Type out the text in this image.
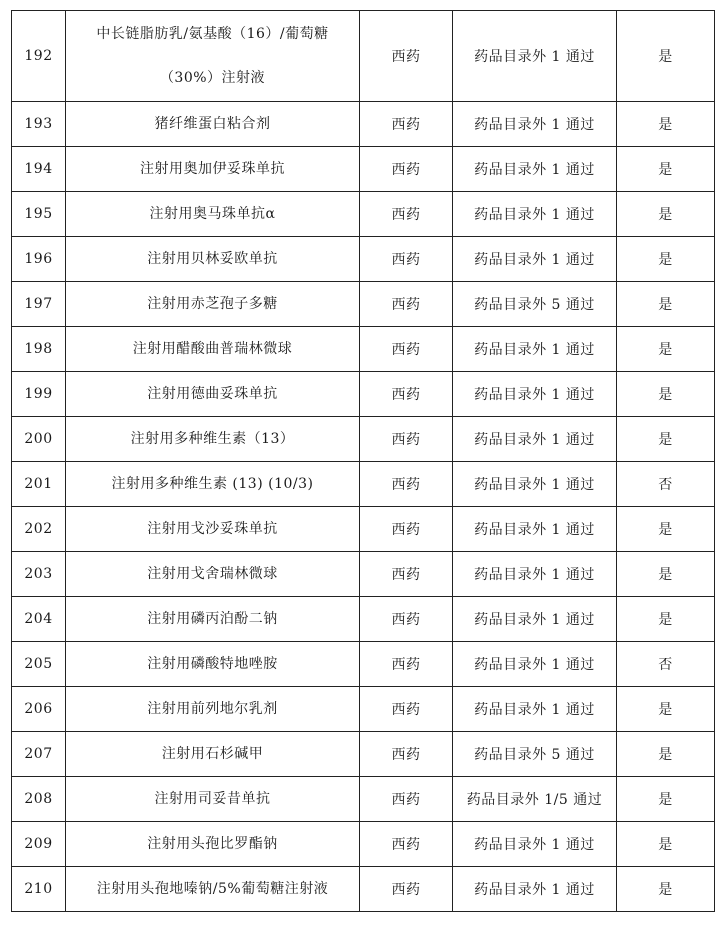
192	中长链脂肪乳/氨基酸（16）/葡萄糖（30%）注射液	西药	药品目录外 1 通过	是
193	猪纤维蛋白粘合剂	西药	药品目录外 1 通过	是
194	注射用奥加伊妥珠单抗	西药	药品目录外 1 通过	是
195	注射用奥马珠单抗α	西药	药品目录外 1 通过	是
196	注射用贝林妥欧单抗	西药	药品目录外 1 通过	是
197	注射用赤芝孢子多糖	西药	药品目录外 5 通过	是
198	注射用醋酸曲普瑞林微球	西药	药品目录外 1 通过	是
199	注射用德曲妥珠单抗	西药	药品目录外 1 通过	是
200	注射用多种维生素（13）	西药	药品目录外 1 通过	是
201	注射用多种维生素 (13) (10/3)	西药	药品目录外 1 通过	否
202	注射用戈沙妥珠单抗	西药	药品目录外 1 通过	是
203	注射用戈舍瑞林微球	西药	药品目录外 1 通过	是
204	注射用磷丙泊酚二钠	西药	药品目录外 1 通过	是
205	注射用磷酸特地唑胺	西药	药品目录外 1 通过	否
206	注射用前列地尔乳剂	西药	药品目录外 1 通过	是
207	注射用石杉碱甲	西药	药品目录外 5 通过	是
208	注射用司妥昔单抗	西药	药品目录外 1/5 通过	是
209	注射用头孢比罗酯钠	西药	药品目录外 1 通过	是
210	注射用头孢地嗪钠/5%葡萄糖注射液	西药	药品目录外 1 通过	是
